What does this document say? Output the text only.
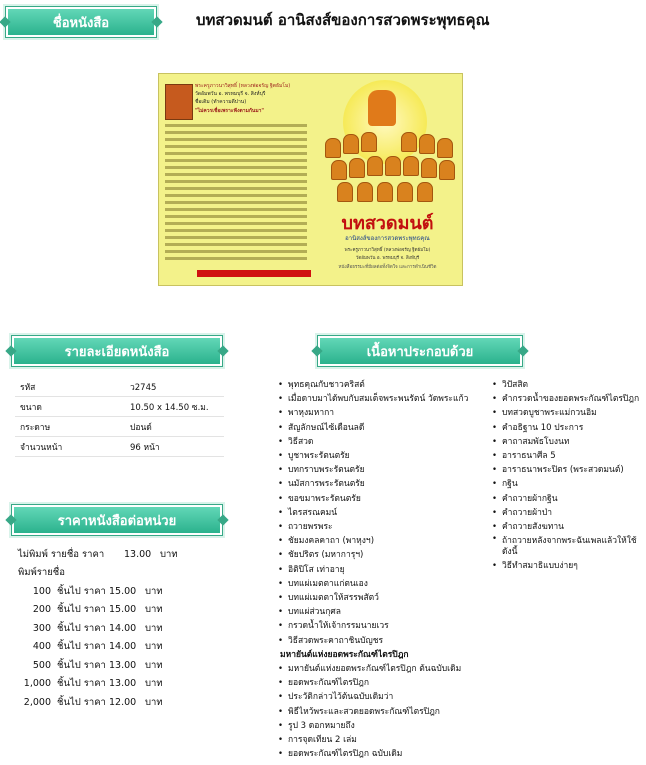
ชื่อหนังสือ	บทสวดมนต์ อานิสงส์ของการสวดพระพุทธคุณ
พระครูภาวนาวิสุทธิ์ (หลวงพ่อจรัญ ฐิตธัมโม)
วัดอัมพวัน อ. พรหมบุรี จ. สิงห์บุรี
ชื่อเดิม (ทำความดีปาน)
"ไม่ควรเชื่อเพราะฟังตามกันมา"
บทสวดมนต์
อานิสงส์ของการสวดพระพุทธคุณ
พระครูภาวนาวิสุทธิ์ (หลวงพ่อจรัญ ฐิตธัมโม)
วัดอัมพวัน อ. พรหมบุรี จ. สิงห์บุรี
หนังสือธรรมะที่มีผลต่อทั้งจิตใจ และการดำเนินชีวิต
รายละเอียดหนังสือ
รหัส	ว2745
ขนาด	10.50 x 14.50 ซ.ม.
กระดาษ	ปอนด์
จำนวนหน้า	96 หน้า
ราคาหนังสือต่อหน่วย
ไม่พิมพ์ รายชื่อ ราคา	13.00 บาท
พิมพ์รายชื่อ
100 ชิ้นไป ราคา 15.00 บาท
200 ชิ้นไป ราคา 15.00 บาท
300 ชิ้นไป ราคา 14.00 บาท
400 ชิ้นไป ราคา 14.00 บาท
500 ชิ้นไป ราคา 13.00 บาท
1,000 ชิ้นไป ราคา 13.00 บาท
2,000 ชิ้นไป ราคา 12.00 บาท
เนื้อหาประกอบด้วย
• พุทธคุณกับชาวคริสต์
• เมื่อดาบมาได้พบกับสมเด็จพระพนรัตน์ วัดพระแก้ว
• พาหุงมหากา
• สัญลักษณ์ไซ้เดือนลดี
• วิธีสวด
• บูชาพระรัตนตรัย
• บทกราบพระรัตนตรัย
• นมัสการพระรัตนตรัย
• ขอขมาพระรัตนตรัย
• ไตรสรณคมน์
• ถวายพรพระ
• ชัยมงคลคาถา (พาหุงฯ)
• ชัยปริตร (มหาการุฯ)
• อิติปิโส เท่าอายุ
• บทแผ่เมตตาแก่ตนเอง
• บทแผ่เมตตาให้สรรพสัตว์
• บทแผ่ส่วนกุศล
• กรวดน้ำให้เจ้ากรรมนายเวร
• วิธีสวดพระคาถาชินบัญชร
มหายันต์แห่งยอดพระกัณฑ์ไตรปิฎก
• มหายันต์แห่งยอดพระกัณฑ์ไตรปิฎก ต้นฉบับเดิม
• ยอดพระกัณฑ์ไตรปิฎก
• ประวัติกล่าวไว้ต้นฉบับเดิมว่า
• พิธีไหว้พระและสวดยอดพระกัณฑ์ไตรปิฎก
• รูป 3 ดอกหมายถึง
• การจุดเทียน 2 เล่ม
• ยอดพระกัณฑ์ไตรปิฎก ฉบับเดิม
• วิปัสสิต
• คำกรวดน้ำของยอดพระกัณฑ์ไตรปิฎก
• บทสวดบูชาพระแม่กวนอิม
• คำอธิฐาน 10 ประการ
• คาถาสมพัธโบงนท
• อาราธนาศีล 5
• อาราธนาพระปิตร (พระสวดมนต์)
• กฐิน
• คำถวายผ้ากฐิน
• คำถวายผ้าป่า
• คำถวายสังฆทาน
• ถ้าถวายหลังจากพระฉันเพลแล้วให้ใช้ดังนี้
• วิธีทำสมาธิแบบง่ายๆ
